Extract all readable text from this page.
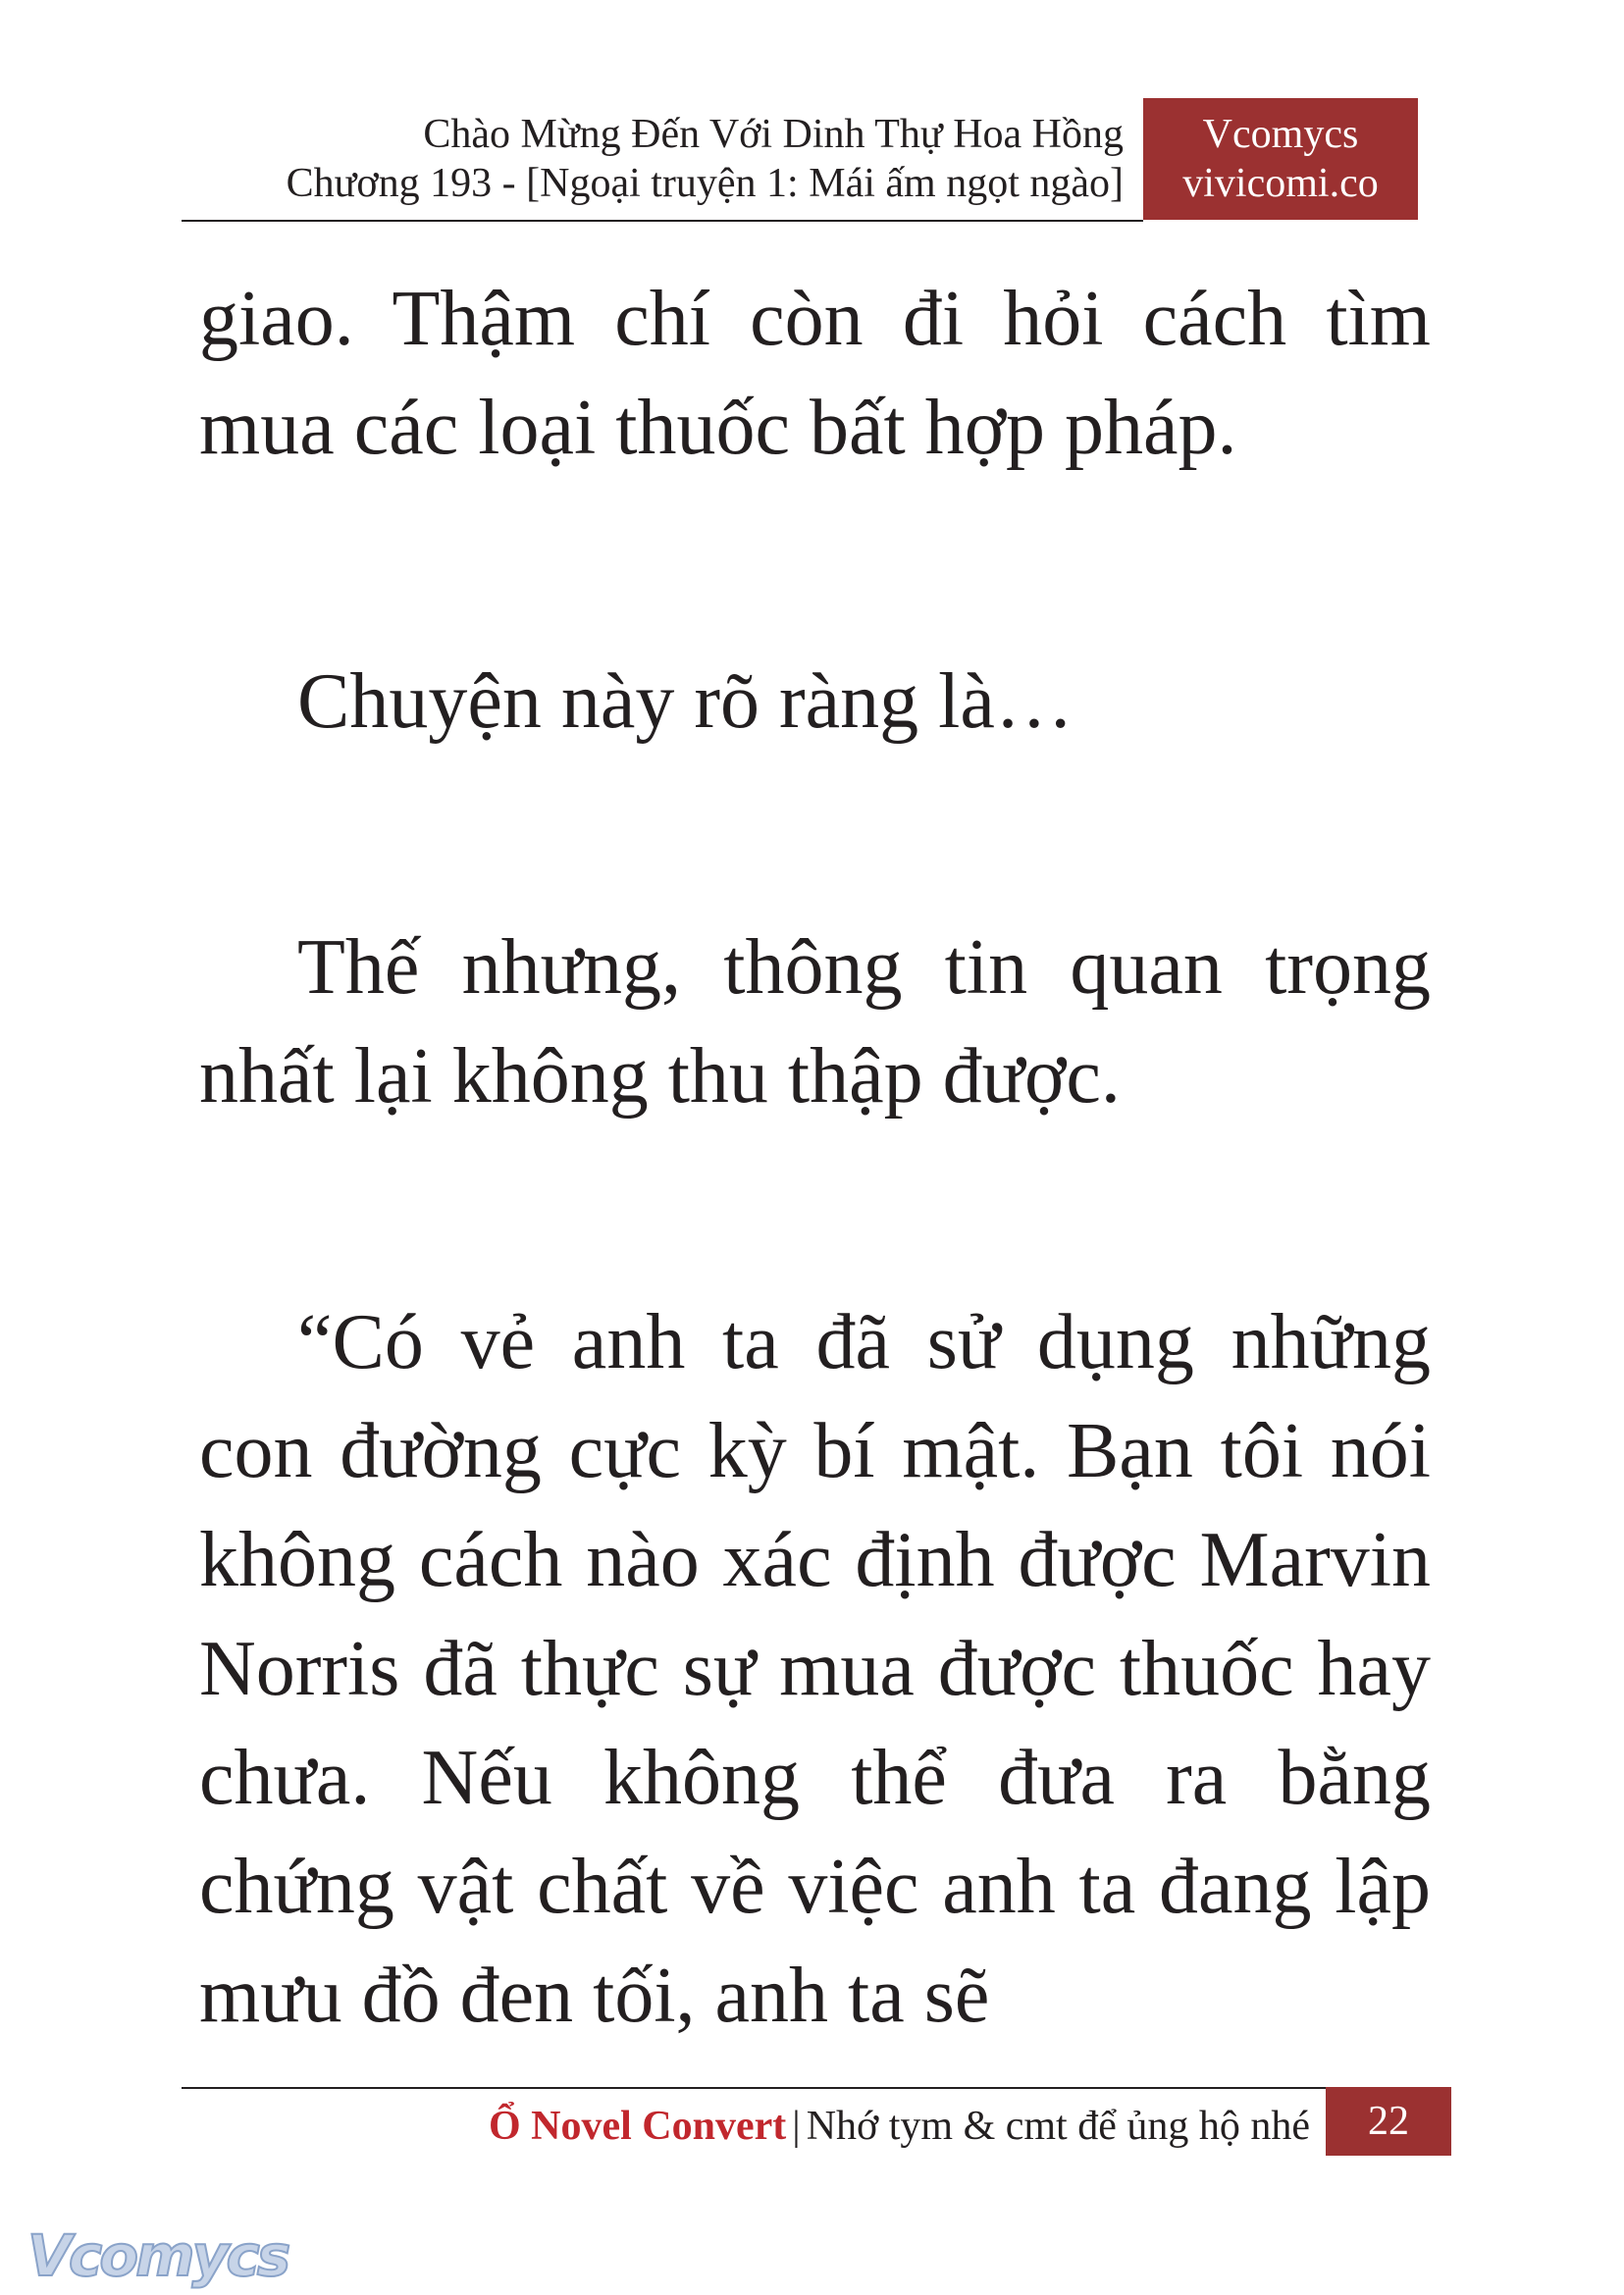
Chào Mừng Đến Với Dinh Thự Hoa Hồng
Chương 193 - [Ngoại truyện 1: Mái ấm ngọt ngào]
Vcomycs
vivicomi.co

giao. Thậm chí còn đi hỏi cách tìm mua các loại thuốc bất hợp pháp.

Chuyện này rõ ràng là…

Thế nhưng, thông tin quan trọng nhất lại không thu thập được.

“Có vẻ anh ta đã sử dụng những con đường cực kỳ bí mật. Bạn tôi nói không cách nào xác định được Marvin Norris đã thực sự mua được thuốc hay chưa. Nếu không thể đưa ra bằng chứng vật chất về việc anh ta đang lập mưu đồ đen tối, anh ta sẽ

Ổ Novel Convert | Nhớ tym & cmt để ủng hộ nhé	22
Vcomycs
